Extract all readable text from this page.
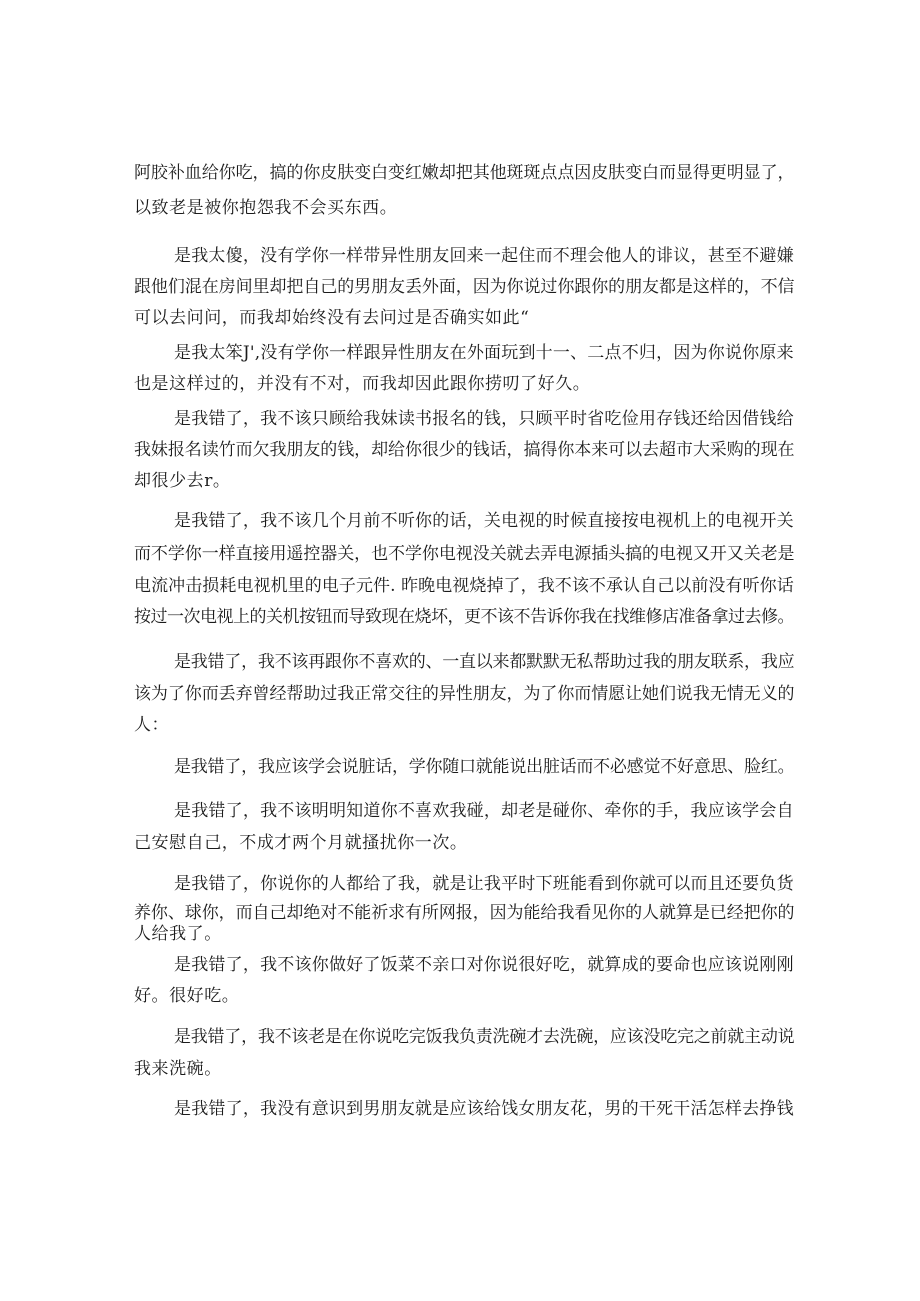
阿胶补血给你吃，搞的你皮肤变白变红嫩却把其他斑斑点点因皮肤变白而显得更明显了，
以致老是被你抱怨我不会买东西。
是我太傻，没有学你一样带异性朋友回来一起住而不理会他人的诽议，甚至不避嫌
跟他们混在房间里却把自己的男朋友丢外面，因为你说过你跟你的朋友都是这样的，不信
可以去问问，而我却始终没有去问过是否确实如此“
是我太笨J',没有学你一样跟异性朋友在外面玩到十一、二点不归，因为你说你原来
也是这样过的，并没有不对，而我却因此跟你捞叨了好久。
是我错了，我不该只顾给我妹读书报名的钱，只顾平时省吃俭用存钱还给因借钱给
我妹报名读竹而欠我朋友的钱，却给你很少的钱话，搞得你本来可以去超市大采购的现在
却很少去r。
是我错了，我不该几个月前不听你的话，关电视的时候直接按电视机上的电视开关
而不学你一样直接用遥控器关，也不学你电视没关就去弄电源插头搞的电视又开又关老是
电流冲击损耗电视机里的电子元件. 昨晚电视烧掉了，我不该不承认自己以前没有听你话
按过一次电视上的关机按钮而导致现在烧坏，更不该不告诉你我在找维修店准备拿过去修。
是我错了，我不该再跟你不喜欢的、一直以来都默默无私帮助过我的朋友联系，我应
该为了你而丢弃曾经帮助过我正常交往的异性朋友，为了你而情愿让她们说我无情无义的
人：
是我错了，我应该学会说脏话，学你随口就能说出脏话而不必感觉不好意思、脸红。
是我错了，我不该明明知道你不喜欢我碰，却老是碰你、牵你的手，我应该学会自
己安慰自己，不成才两个月就搔扰你一次。
是我错了，你说你的人都给了我，就是让我平时下班能看到你就可以而且还要负货
养你、球你，而自己却绝对不能祈求有所网报，因为能给我看见你的人就算是已经把你的
人给我了。
是我错了，我不该你做好了饭菜不亲口对你说很好吃，就算成的要命也应该说刚刚
好。很好吃。
是我错了，我不该老是在你说吃完饭我负责洗碗才去洗碗，应该没吃完之前就主动说
我来洗碗。
是我错了，我没有意识到男朋友就是应该给饯女朋友花，男的干死干活怎样去挣钱
